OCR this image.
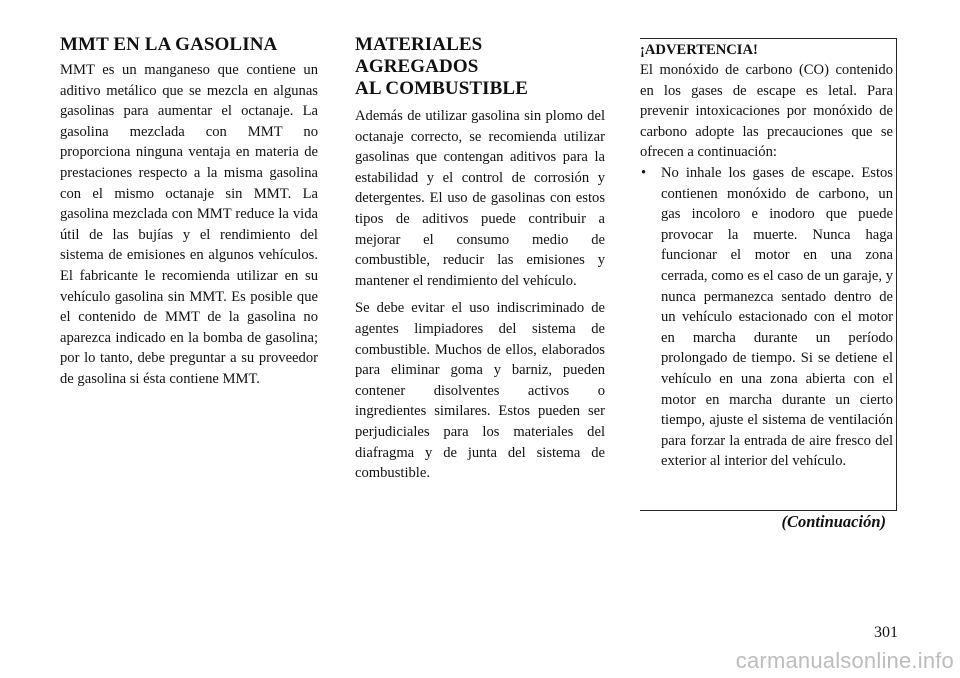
MMT EN LA GASOLINA

MMT es un manganeso que contiene un aditivo metálico que se mezcla en algunas gasolinas para aumentar el octanaje. La gasolina mezclada con MMT no proporciona ninguna ventaja en materia de prestaciones respecto a la misma gasolina con el mismo octanaje sin MMT. La gasolina mezclada con MMT reduce la vida útil de las bujías y el rendimiento del sistema de emisiones en algunos vehículos. El fabricante le recomienda utilizar en su vehículo gasolina sin MMT. Es posible que el contenido de MMT de la gasolina no aparezca indicado en la bomba de gasolina; por lo tanto, debe preguntar a su proveedor de gasolina si ésta contiene MMT.

MATERIALES AGREGADOS
AL COMBUSTIBLE

Además de utilizar gasolina sin plomo del octanaje correcto, se recomienda utilizar gasolinas que contengan aditivos para la estabilidad y el control de corrosión y detergentes. El uso de gasolinas con estos tipos de aditivos puede contribuir a mejorar el consumo medio de combustible, reducir las emisiones y mantener el rendimiento del vehículo.

Se debe evitar el uso indiscriminado de agentes limpiadores del sistema de combustible. Muchos de ellos, elaborados para eliminar goma y barniz, pueden contener disolventes activos o ingredientes similares. Estos pueden ser perjudiciales para los materiales del diafragma y de junta del sistema de combustible.

¡ADVERTENCIA!

El monóxido de carbono (CO) contenido en los gases de escape es letal. Para prevenir intoxicaciones por monóxido de carbono adopte las precauciones que se ofrecen a continuación:

• No inhale los gases de escape. Estos contienen monóxido de carbono, un gas incoloro e inodoro que puede provocar la muerte. Nunca haga funcionar el motor en una zona cerrada, como es el caso de un garaje, y nunca permanezca sentado dentro de un vehículo estacionado con el motor en marcha durante un período prolongado de tiempo. Si se detiene el vehículo en una zona abierta con el motor en marcha durante un cierto tiempo, ajuste el sistema de ventilación para forzar la entrada de aire fresco del exterior al interior del vehículo.
(Continuación)
301
carmanualsonline.info
